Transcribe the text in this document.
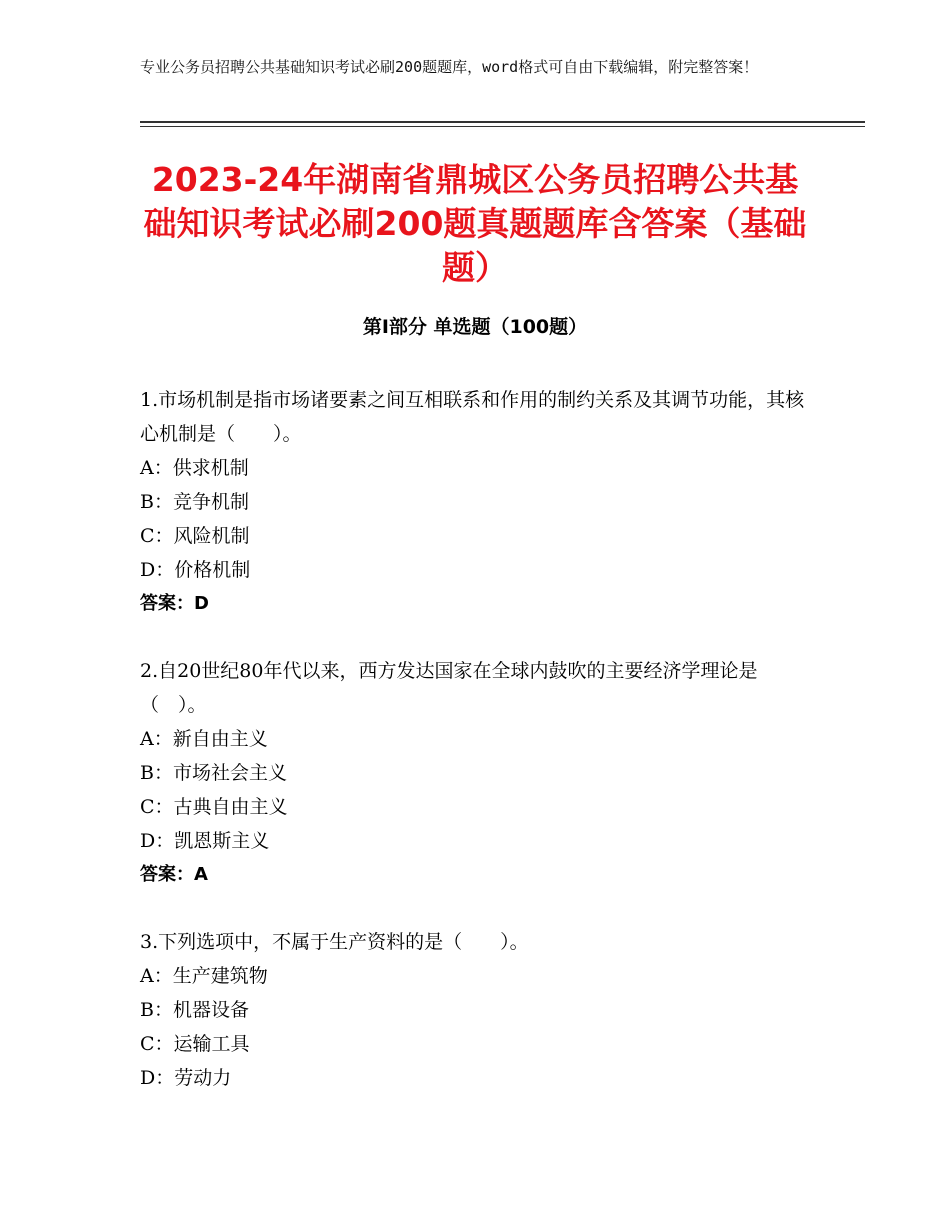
专业公务员招聘公共基础知识考试必刷200题题库，word格式可自由下载编辑，附完整答案！
2023-24年湖南省鼎城区公务员招聘公共基础知识考试必刷200题真题题库含答案（基础题）
第Ⅰ部分 单选题（100题）
1.市场机制是指市场诸要素之间互相联系和作用的制约关系及其调节功能，其核心机制是（　　）。
A：供求机制
B：竞争机制
C：风险机制
D：价格机制
答案：D
2.自20世纪80年代以来，西方发达国家在全球内鼓吹的主要经济学理论是（　）。
A：新自由主义
B：市场社会主义
C：古典自由主义
D：凯恩斯主义
答案：A
3.下列选项中，不属于生产资料的是（　　）。
A：生产建筑物
B：机器设备
C：运输工具
D：劳动力
